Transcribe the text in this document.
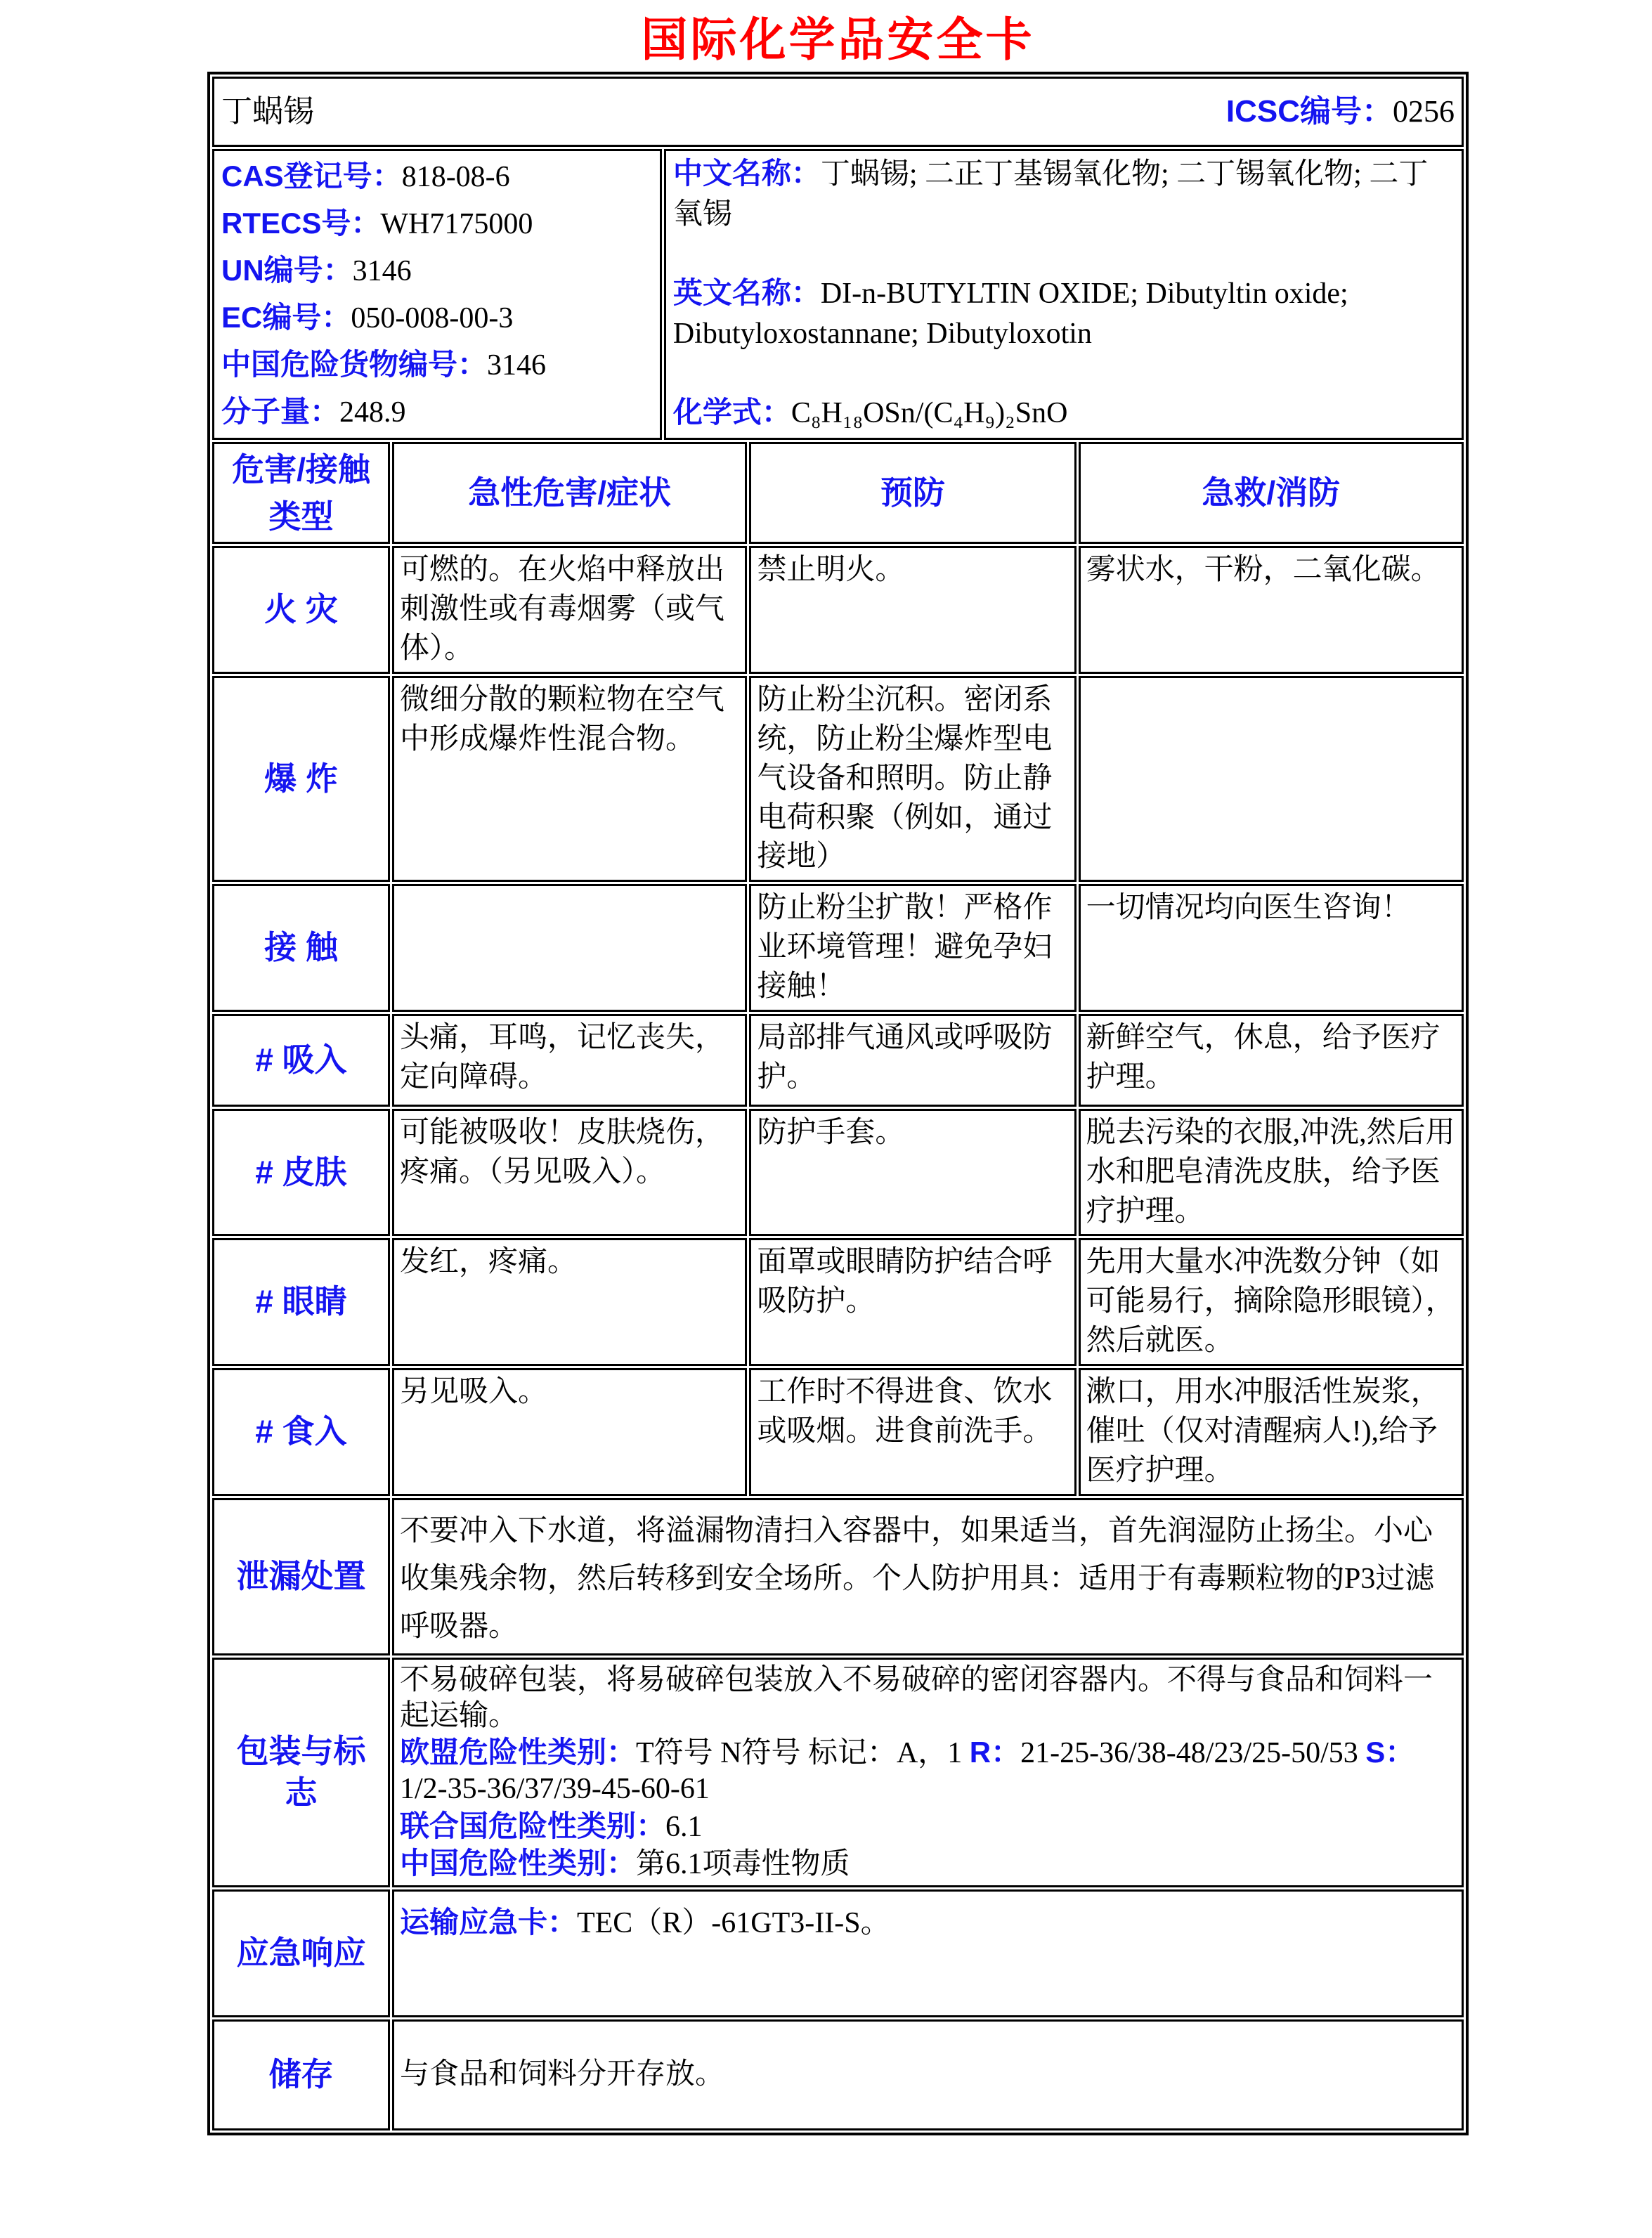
国际化学品安全卡
丁蜗锡 ICSC编号：0256				

CAS登记号：818-08-6
RTECS号：WH7175000
UN编号：3146
EC编号：050-008-00-3
中国危险货物编号：3146
分子量：248.9

中文名称：丁蜗锡; 二正丁基锡氧化物; 二丁锡氧化物; 二丁氧锡

英文名称：DI-n-BUTYLTIN OXIDE; Dibutyltin oxide; Dibutyloxostannane; Dibutyloxotin

化学式：C₈H₁₈OSn/(C₄H₉)₂SnO

危害/接触类型	急性危害/症状		预防	急救/消防
火 灾	可燃的。在火焰中释放出刺激性或有毒烟雾（或气体）。		禁止明火。	雾状水，干粉，二氧化碳。
爆 炸	微细分散的颗粒物在空气中形成爆炸性混合物。		防止粉尘沉积。密闭系统，防止粉尘爆炸型电气设备和照明。防止静电荷积聚（例如，通过接地）	
接 触			防止粉尘扩散！严格作业环境管理！避免孕妇接触！	一切情况均向医生咨询！
# 吸入	头痛，耳鸣，记忆丧失，定向障碍。		局部排气通风或呼吸防护。	新鲜空气，休息，给予医疗护理。
# 皮肤	可能被吸收！皮肤烧伤，疼痛。（另见吸入）。		防护手套。	脱去污染的衣服,冲洗,然后用水和肥皂清洗皮肤，给予医疗护理。
# 眼睛	发红，疼痛。		面罩或眼睛防护结合呼吸防护。	先用大量水冲洗数分钟（如可能易行，摘除隐形眼镜），然后就医。
# 食入	另见吸入。		工作时不得进食、饮水或吸烟。进食前洗手。	漱口，用水冲服活性炭浆，催吐（仅对清醒病人!),给予医疗护理。
泄漏处置	不要冲入下水道，将溢漏物清扫入容器中，如果适当，首先润湿防止扬尘。小心收集残余物，然后转移到安全场所。个人防护用具：适用于有毒颗粒物的P3过滤呼吸器。			
包装与标志	不易破碎包装，将易破碎包装放入不易破碎的密闭容器内。不得与食品和饲料一起运输。
欧盟危险性类别：T符号 N符号 标记：A，1 R：21-25-36/38-48/23/25-50/53 S：1/2-35-36/37/39-45-60-61
联合国危险性类别：6.1
中国危险性类别：第6.1项毒性物质			
应急响应	运输应急卡：TEC（R）-61GT3-II-S。			
储存	与食品和饲料分开存放。			
